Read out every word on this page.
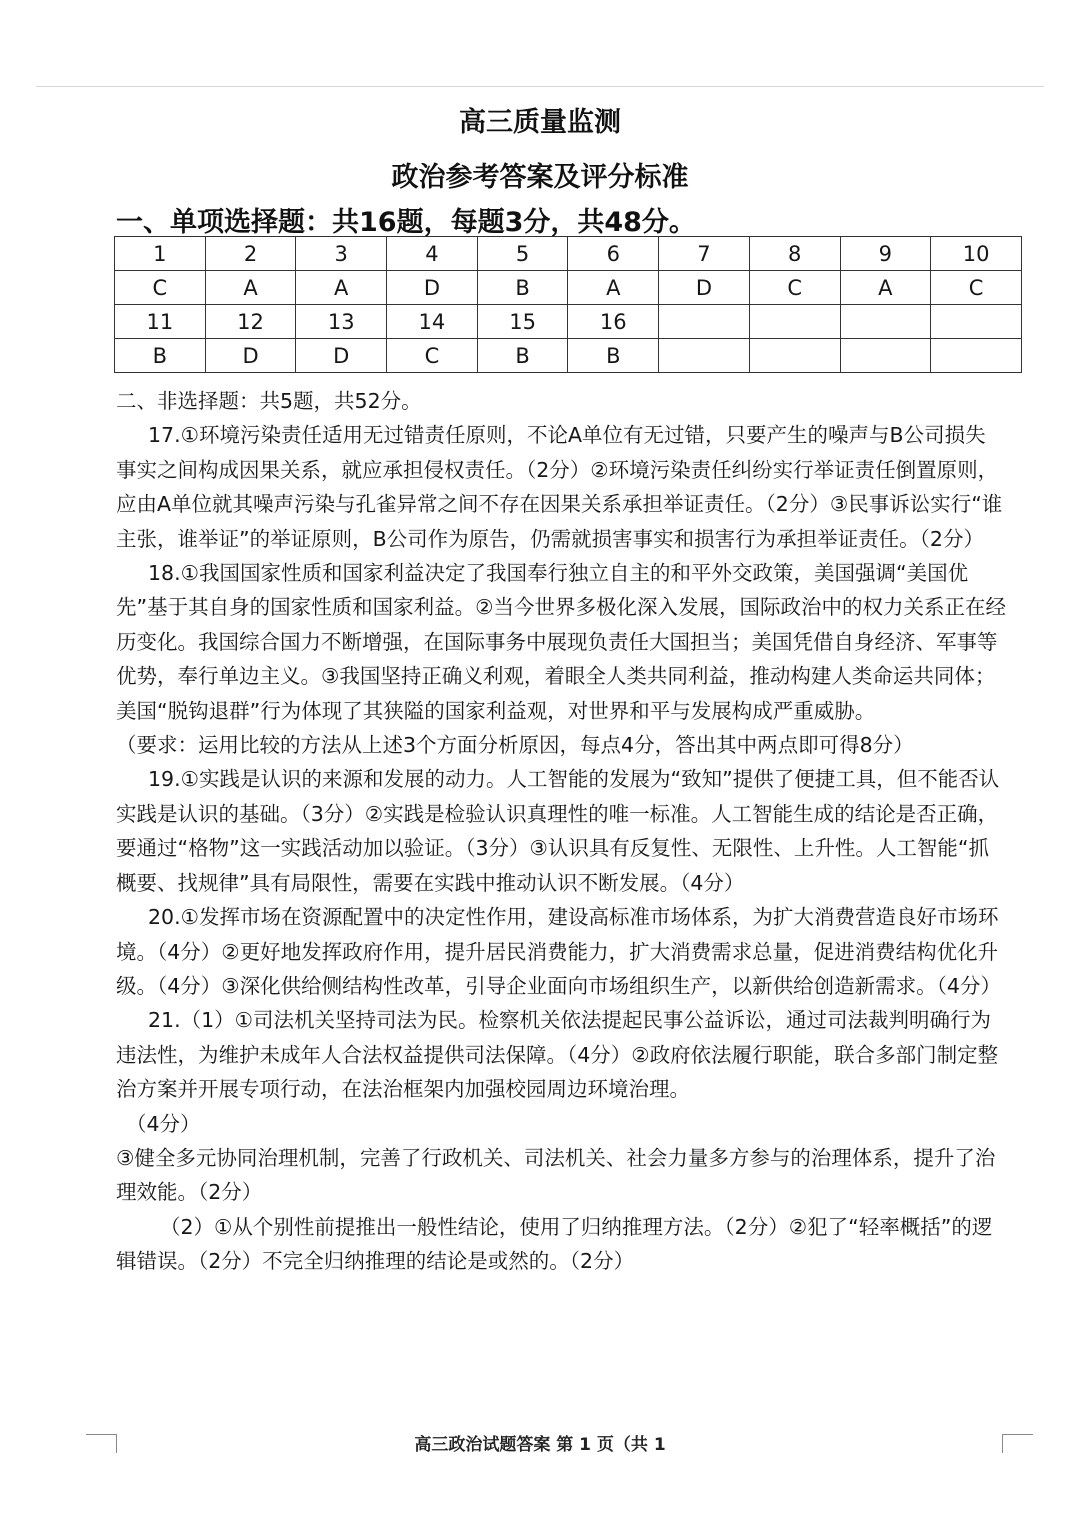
高三质量监测
政治参考答案及评分标准
一、单项选择题：共16题，每题3分，共48分。
1	2	3	4	5	6	7	8	9	10
C	A	A	D	B	A	D	C	A	C
11	12	13	14	15	16				
B	D	D	C	B	B				

二、非选择题：共5题，共52分。

17.①环境污染责任适用无过错责任原则，不论A单位有无过错，只要产生的噪声与B公司损失事实之间构成因果关系，就应承担侵权责任。（2分）②环境污染责任纠纷实行举证责任倒置原则，应由A单位就其噪声污染与孔雀异常之间不存在因果关系承担举证责任。（2分）③民事诉讼实行“谁主张，谁举证”的举证原则，B公司作为原告，仍需就损害事实和损害行为承担举证责任。（2分）

18.①我国国家性质和国家利益决定了我国奉行独立自主的和平外交政策，美国强调“美国优先”基于其自身的国家性质和国家利益。②当今世界多极化深入发展，国际政治中的权力关系正在经历变化。我国综合国力不断增强，在国际事务中展现负责任大国担当；美国凭借自身经济、军事等优势，奉行单边主义。③我国坚持正确义利观，着眼全人类共同利益，推动构建人类命运共同体；美国“脱钩退群”行为体现了其狭隘的国家利益观，对世界和平与发展构成严重威胁。

（要求：运用比较的方法从上述3个方面分析原因，每点4分，答出其中两点即可得8分）

19.①实践是认识的来源和发展的动力。人工智能的发展为“致知”提供了便捷工具，但不能否认实践是认识的基础。（3分）②实践是检验认识真理性的唯一标准。人工智能生成的结论是否正确，要通过“格物”这一实践活动加以验证。（3分）③认识具有反复性、无限性、上升性。人工智能“抓概要、找规律”具有局限性，需要在实践中推动认识不断发展。（4分）

20.①发挥市场在资源配置中的决定性作用，建设高标准市场体系，为扩大消费营造良好市场环境。（4分）②更好地发挥政府作用，提升居民消费能力，扩大消费需求总量，促进消费结构优化升级。（4分）③深化供给侧结构性改革，引导企业面向市场组织生产，以新供给创造新需求。（4分）

21.（1）①司法机关坚持司法为民。检察机关依法提起民事公益诉讼，通过司法裁判明确行为违法性，为维护未成年人合法权益提供司法保障。（4分）②政府依法履行职能，联合多部门制定整治方案并开展专项行动，在法治框架内加强校园周边环境治理。

（4分）

③健全多元协同治理机制，完善了行政机关、司法机关、社会力量多方参与的治理体系，提升了治理效能。（2分）

（2）①从个别性前提推出一般性结论，使用了归纳推理方法。（2分）②犯了“轻率概括”的逻辑错误。（2分）不完全归纳推理的结论是或然的。（2分）

高三政治试题答案 第 1 页（共 1
